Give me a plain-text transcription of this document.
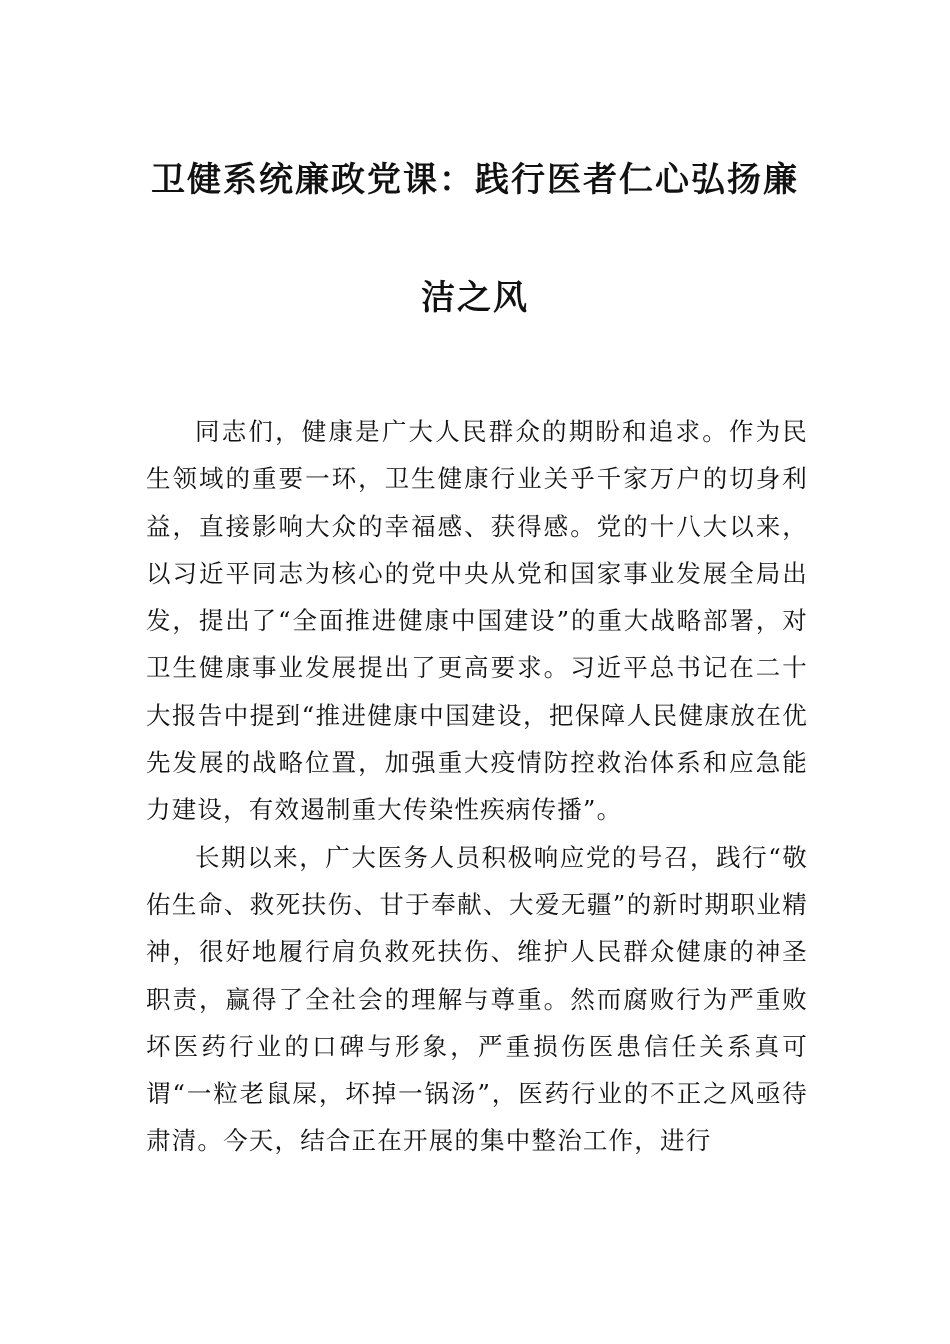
卫健系统廉政党课：践行医者仁心弘扬廉
洁之风

同志们，健康是广大人民群众的期盼和追求。作为民生领域的重要一环，卫生健康行业关乎千家万户的切身利益，直接影响大众的幸福感、获得感。党的十八大以来，以习近平同志为核心的党中央从党和国家事业发展全局出发，提出了“全面推进健康中国建设”的重大战略部署，对卫生健康事业发展提出了更高要求。习近平总书记在二十大报告中提到“推进健康中国建设，把保障人民健康放在优先发展的战略位置，加强重大疫情防控救治体系和应急能力建设，有效遏制重大传染性疾病传播”。

长期以来，广大医务人员积极响应党的号召，践行“敬佑生命、救死扶伤、甘于奉献、大爱无疆”的新时期职业精神，很好地履行肩负救死扶伤、维护人民群众健康的神圣职责，赢得了全社会的理解与尊重。然而腐败行为严重败坏医药行业的口碑与形象，严重损伤医患信任关系真可谓“一粒老鼠屎，坏掉一锅汤”，医药行业的不正之风亟待肃清。今天，结合正在开展的集中整治工作，进行
